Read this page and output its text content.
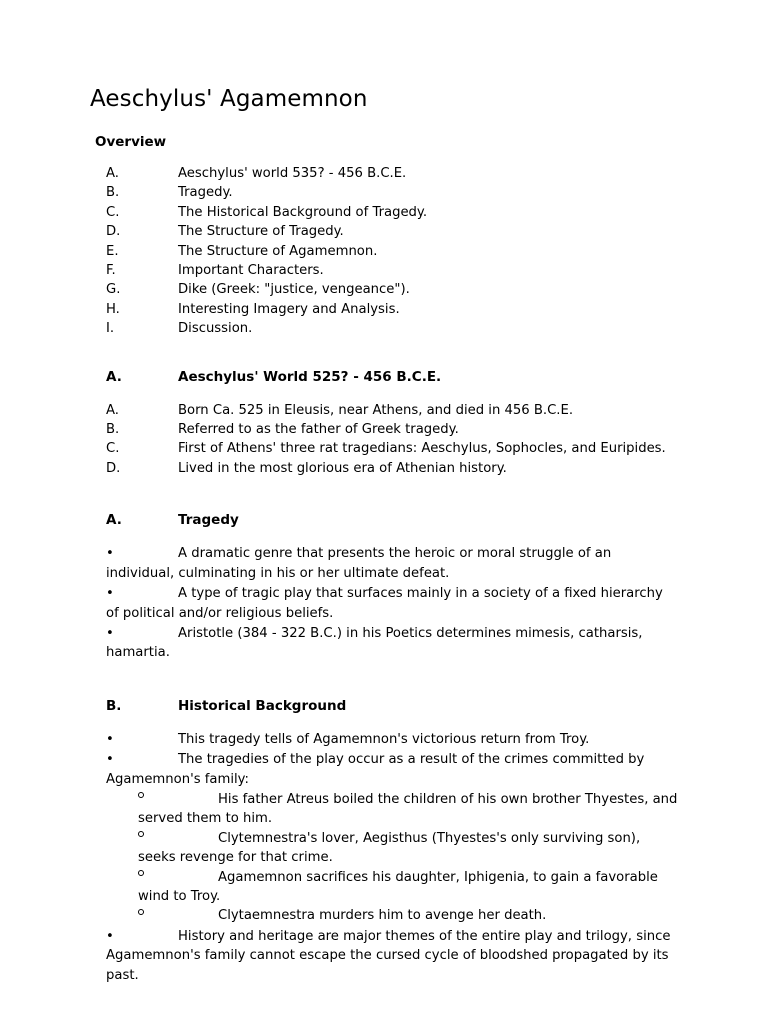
Aeschylus' Agamemnon
Overview
A.	Aeschylus' world 535? - 456 B.C.E.
B.	Tragedy.
C.	The Historical Background of Tragedy.
D.	The Structure of Tragedy.
E.	The Structure of Agamemnon.
F.	Important Characters.
G.	Dike (Greek: "justice, vengeance").
H.	Interesting Imagery and Analysis.
I.	Discussion.
A.	Aeschylus' World 525? - 456 B.C.E.
A.	Born Ca. 525 in Eleusis, near Athens, and died in 456 B.C.E.
B.	Referred to as the father of Greek tragedy.
C.	First of Athens' three rat tragedians: Aeschylus, Sophocles, and Euripides.
D.	Lived in the most glorious era of Athenian history.
A.	Tragedy
•	A dramatic genre that presents the heroic or moral struggle of an individual, culminating in his or her ultimate defeat.
•	A type of tragic play that surfaces mainly in a society of a fixed hierarchy of political and/or religious beliefs.
•	Aristotle (384 - 322 B.C.) in his Poetics determines mimesis, catharsis, hamartia.
B.	Historical Background
•	This tragedy tells of Agamemnon's victorious return from Troy.
•	The tragedies of the play occur as a result of the crimes committed by Agamemnon's family:
His father Atreus boiled the children of his own brother Thyestes, and served them to him.
Clytemnestra's lover, Aegisthus (Thyestes's only surviving son), seeks revenge for that crime.
Agamemnon sacrifices his daughter, Iphigenia, to gain a favorable wind to Troy.
Clytaemnestra murders him to avenge her death.
•	History and heritage are major themes of the entire play and trilogy, since Agamemnon's family cannot escape the cursed cycle of bloodshed propagated by its past.
